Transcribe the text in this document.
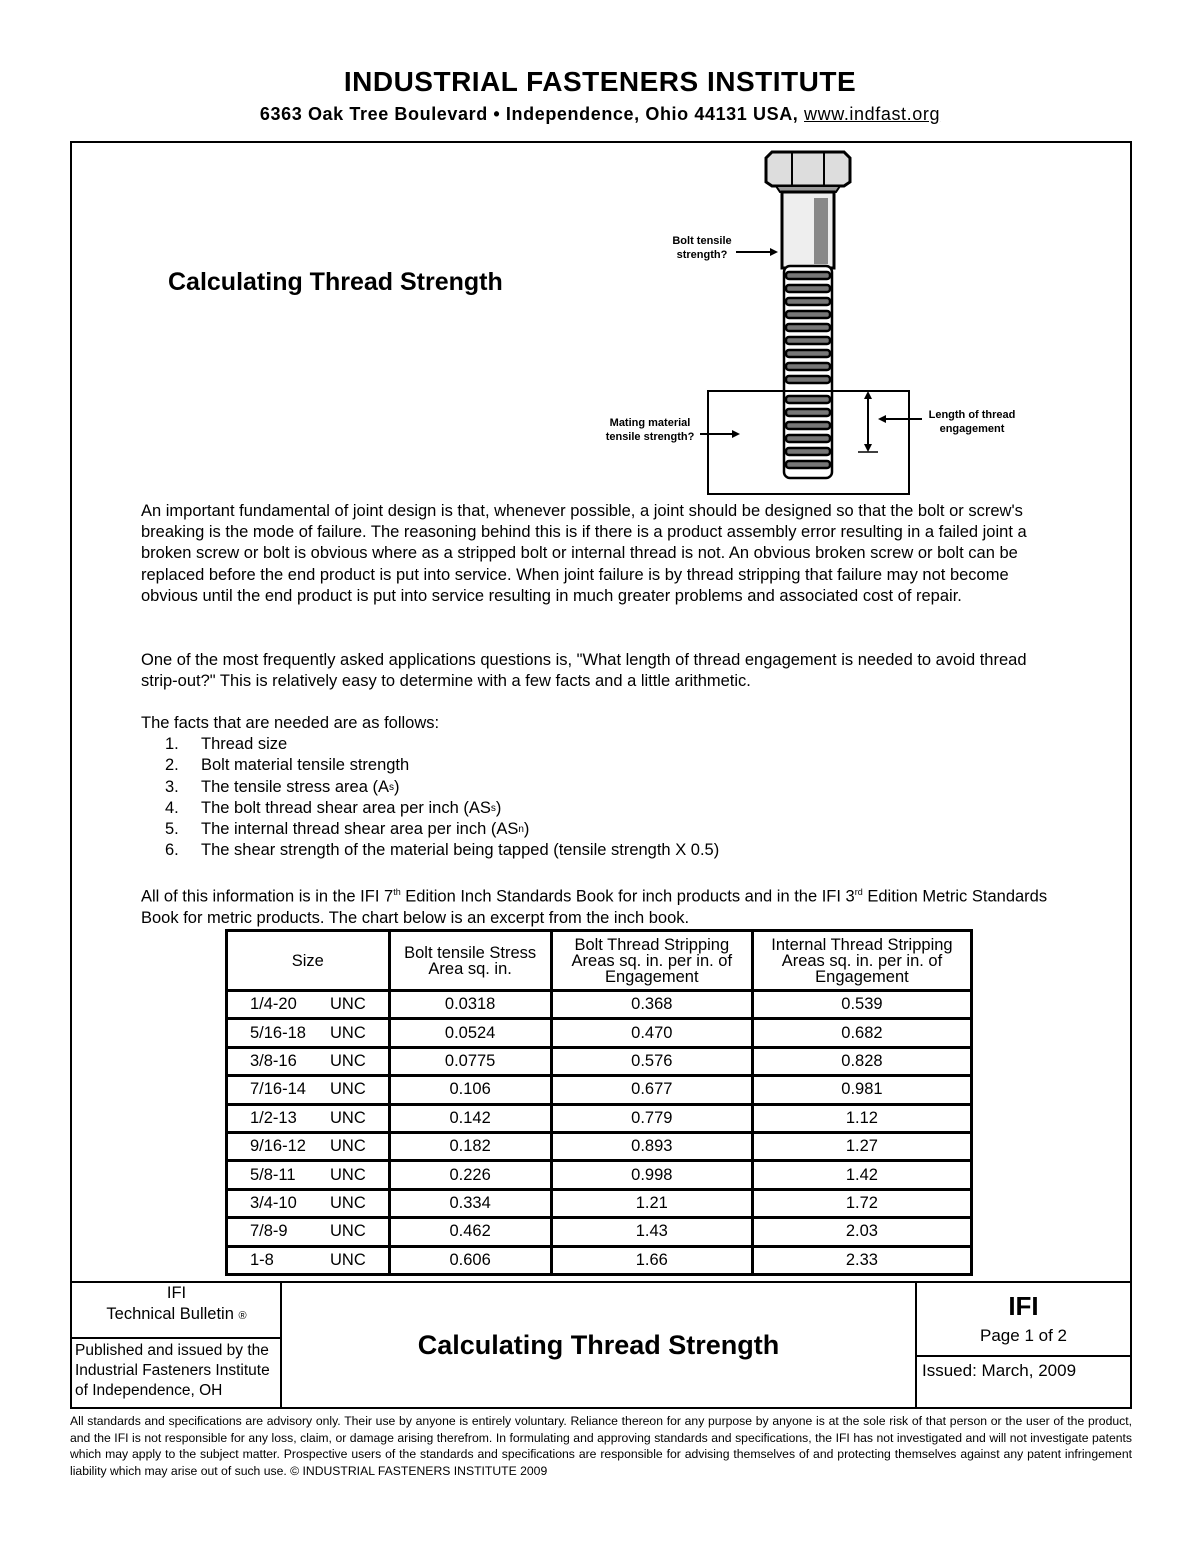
INDUSTRIAL FASTENERS INSTITUTE
6363 Oak Tree Boulevard • Independence, Ohio 44131 USA, www.indfast.org
Calculating Thread Strength
Bolt tensile
strength?
Mating material
tensile strength?
Length of thread
engagement

An important fundamental of joint design is that, whenever possible, a joint should be designed so that the bolt or screw's breaking is the mode of failure. The reasoning behind this is if there is a product assembly error resulting in a failed joint a broken screw or bolt is obvious where as a stripped bolt or internal thread is not. An obvious broken screw or bolt can be replaced before the end product is put into service. When joint failure is by thread stripping that failure may not become obvious until the end product is put into service resulting in much greater problems and associated cost of repair.

One of the most frequently asked applications questions is, "What length of thread engagement is needed to avoid thread strip-out?" This is relatively easy to determine with a few facts and a little arithmetic.

The facts that are needed are as follows:

1.	Thread size
2.	Bolt material tensile strength
3.	The tensile stress area (A s )
4.	The bolt thread shear area per inch (AS s )
5.	The internal thread shear area per inch (AS n )
6.	The shear strength of the material being tapped (tensile strength X 0.5)

All of this information is in the IFI 7th Edition Inch Standards Book for inch products and in the IFI 3rd Edition Metric Standards Book for metric products. The chart below is an excerpt from the inch book.

Size	Bolt tensile Stress Area sq. in.	Bolt Thread Stripping Areas sq. in. per in. of Engagement	Internal Thread Stripping Areas sq. in. per in. of Engagement
1/4-20 UNC	0.0318	0.368	0.539
5/16-18 UNC	0.0524	0.470	0.682
3/8-16 UNC	0.0775	0.576	0.828
7/16-14 UNC	0.106	0.677	0.981
1/2-13 UNC	0.142	0.779	1.12
9/16-12 UNC	0.182	0.893	1.27
5/8-11 UNC	0.226	0.998	1.42
3/4-10 UNC	0.334	1.21	1.72
7/8-9 UNC	0.462	1.43	2.03
1-8 UNC	0.606	1.66	2.33
IFI
Technical Bulletin ®
Published and issued by the Industrial Fasteners Institute of Independence, OH
Calculating Thread Strength
IFI
Page 1 of 2
Issued: March, 2009
All standards and specifications are advisory only. Their use by anyone is entirely voluntary. Reliance thereon for any purpose by anyone is at the sole risk of that person or the user of the product, and the IFI is not responsible for any loss, claim, or damage arising therefrom. In formulating and approving standards and specifications, the IFI has not investigated and will not investigate patents which may apply to the subject matter. Prospective users of the standards and specifications are responsible for advising themselves of and protecting themselves against any patent infringement liability which may arise out of such use. © INDUSTRIAL FASTENERS INSTITUTE 2009
